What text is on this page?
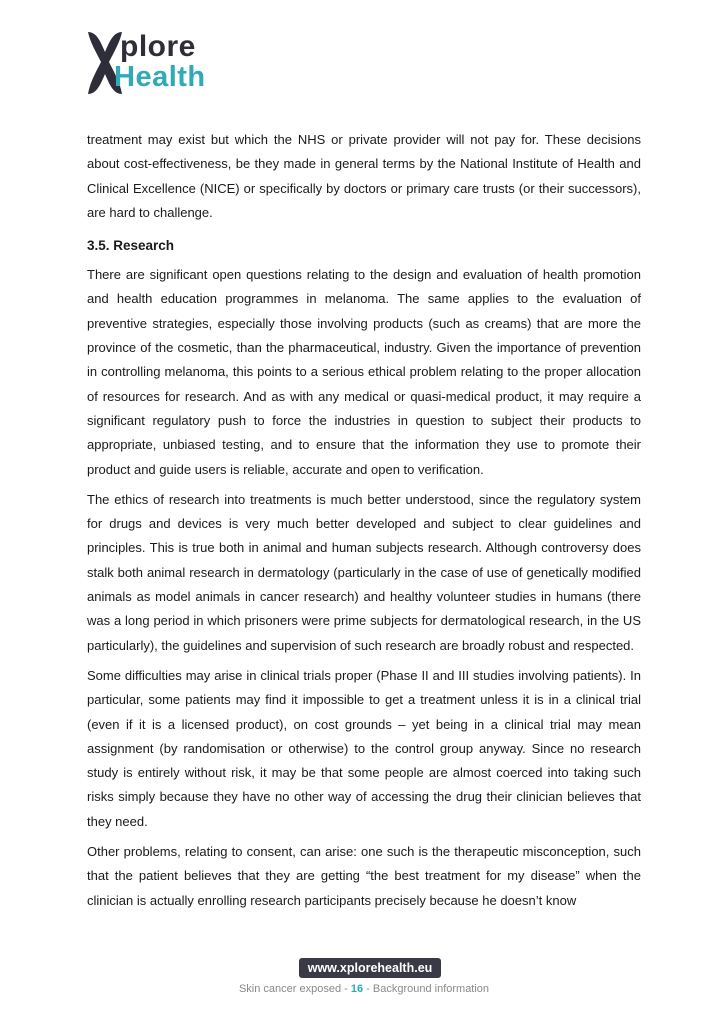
plore
Health

treatment may exist but which the NHS or private provider will not pay for. These decisions about cost-effectiveness, be they made in general terms by the National Institute of Health and Clinical Excellence (NICE) or specifically by doctors or primary care trusts (or their successors), are hard to challenge.

3.5. Research

There are significant open questions relating to the design and evaluation of health promotion and health education programmes in melanoma. The same applies to the evaluation of preventive strategies, especially those involving products (such as creams) that are more the province of the cosmetic, than the pharmaceutical, industry. Given the importance of prevention in controlling melanoma, this points to a serious ethical problem relating to the proper allocation of resources for research. And as with any medical or quasi-medical product, it may require a significant regulatory push to force the industries in question to subject their products to appropriate, unbiased testing, and to ensure that the information they use to promote their product and guide users is reliable, accurate and open to verification.

The ethics of research into treatments is much better understood, since the regulatory system for drugs and devices is very much better developed and subject to clear guidelines and principles. This is true both in animal and human subjects research. Although controversy does stalk both animal research in dermatology (particularly in the case of use of genetically modified animals as model animals in cancer research) and healthy volunteer studies in humans (there was a long period in which prisoners were prime subjects for dermatological research, in the US particularly), the guidelines and supervision of such research are broadly robust and respected.

Some difficulties may arise in clinical trials proper (Phase II and III studies involving patients). In particular, some patients may find it impossible to get a treatment unless it is in a clinical trial (even if it is a licensed product), on cost grounds – yet being in a clinical trial may mean assignment (by randomisation or otherwise) to the control group anyway. Since no research study is entirely without risk, it may be that some people are almost coerced into taking such risks simply because they have no other way of accessing the drug their clinician believes that they need.

Other problems, relating to consent, can arise: one such is the therapeutic misconception, such that the patient believes that they are getting “the best treatment for my disease” when the clinician is actually enrolling research participants precisely because he doesn’t know

www.xplorehealth.eu
Skin cancer exposed - 16 - Background information
